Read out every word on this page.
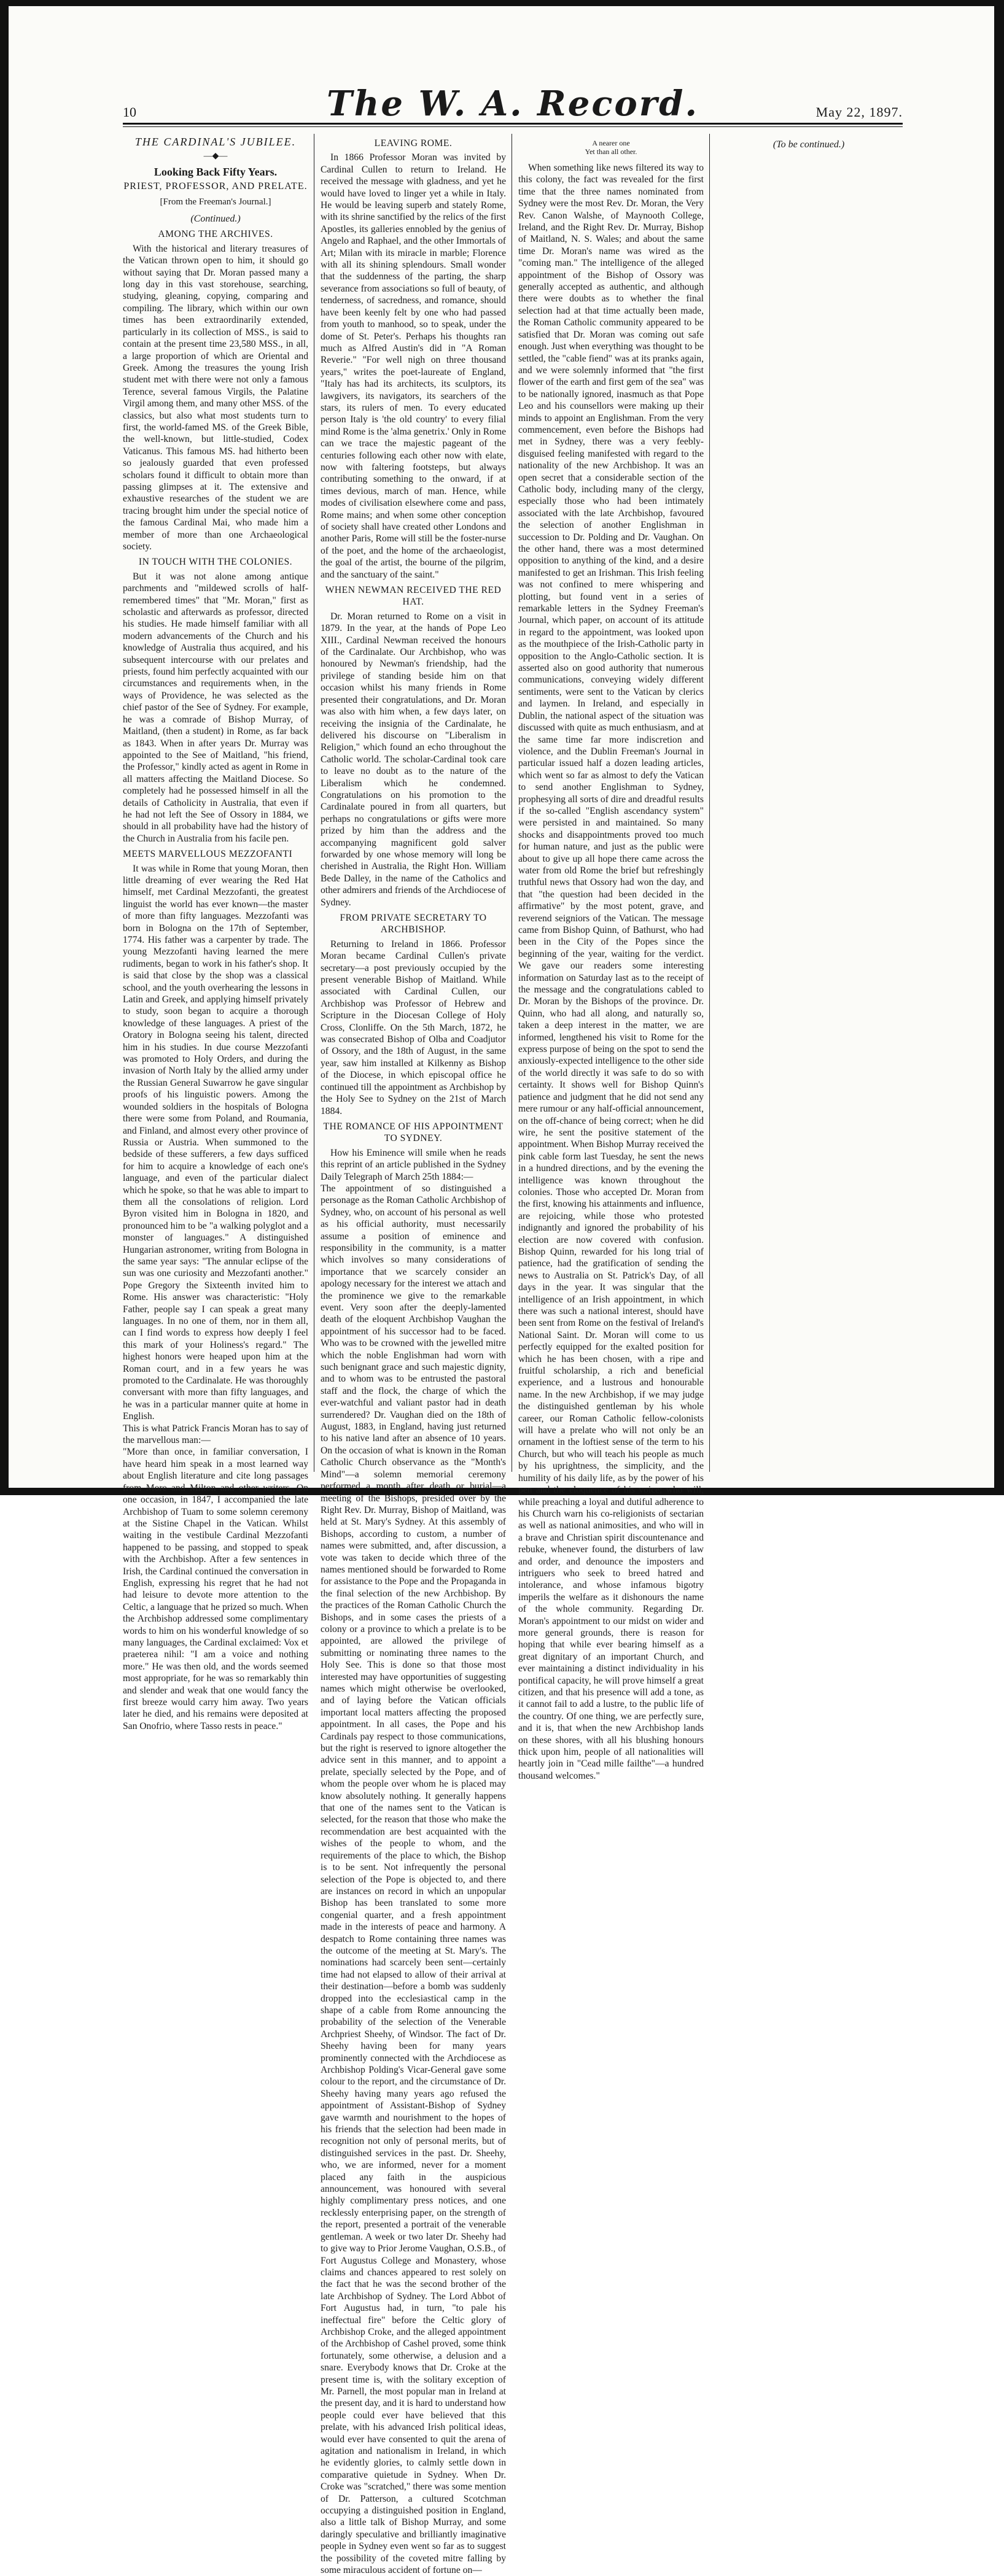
10	The W. A. Record.	May 22, 1897.
THE CARDINAL'S JUBILEE.
—◆—
Looking Back Fifty Years.
PRIEST, PROFESSOR, AND PRELATE.
[From the Freeman's Journal.]
(Continued.)
AMONG THE ARCHIVES.

With the historical and literary treasures of the Vatican thrown open to him, it should go without saying that Dr. Moran passed many a long day in this vast storehouse, searching, studying, gleaning, copying, comparing and compiling. The library, which within our own times has been extraordinarily extended, particularly in its collection of MSS., is said to contain at the present time 23,580 MSS., in all, a large proportion of which are Oriental and Greek. Among the treasures the young Irish student met with there were not only a famous Terence, several famous Virgils, the Palatine Virgil among them, and many other MSS. of the classics, but also what most students turn to first, the world-famed MS. of the Greek Bible, the well-known, but little-studied, Codex Vaticanus. This famous MS. had hitherto been so jealously guarded that even professed scholars found it difficult to obtain more than passing glimpses at it. The extensive and exhaustive researches of the student we are tracing brought him under the special notice of the famous Cardinal Mai, who made him a member of more than one Archaeological society.

IN TOUCH WITH THE COLONIES.

But it was not alone among antique parchments and "mildewed scrolls of half-remembered times" that "Mr. Moran," first as scholastic and afterwards as professor, directed his studies. He made himself familiar with all modern advancements of the Church and his knowledge of Australia thus acquired, and his subsequent intercourse with our prelates and priests, found him perfectly acquainted with our circumstances and requirements when, in the ways of Providence, he was selected as the chief pastor of the See of Sydney. For example, he was a comrade of Bishop Murray, of Maitland, (then a student) in Rome, as far back as 1843. When in after years Dr. Murray was appointed to the See of Maitland, "his friend, the Professor," kindly acted as agent in Rome in all matters affecting the Maitland Diocese. So completely had he possessed himself in all the details of Catholicity in Australia, that even if he had not left the See of Ossory in 1884, we should in all probability have had the history of the Church in Australia from his facile pen.

MEETS MARVELLOUS MEZZOFANTI

It was while in Rome that young Moran, then little dreaming of ever wearing the Red Hat himself, met Cardinal Mezzofanti, the greatest linguist the world has ever known—the master of more than fifty languages. Mezzofanti was born in Bologna on the 17th of September, 1774. His father was a carpenter by trade. The young Mezzofanti having learned the mere rudiments, began to work in his father's shop. It is said that close by the shop was a classical school, and the youth overhearing the lessons in Latin and Greek, and applying himself privately to study, soon began to acquire a thorough knowledge of these languages. A priest of the Oratory in Bologna seeing his talent, directed him in his studies. In due course Mezzofanti was promoted to Holy Orders, and during the invasion of North Italy by the allied army under the Russian General Suwarrow he gave singular proofs of his linguistic powers. Among the wounded soldiers in the hospitals of Bologna there were some from Poland, and Roumania, and Finland, and almost every other province of Russia or Austria. When summoned to the bedside of these sufferers, a few days sufficed for him to acquire a knowledge of each one's language, and even of the particular dialect which he spoke, so that he was able to impart to them all the consolations of religion. Lord Byron visited him in Bologna in 1820, and pronounced him to be "a walking polyglot and a monster of languages." A distinguished Hungarian astronomer, writing from Bologna in the same year says: "The annular eclipse of the sun was one curiosity and Mezzofanti another." Pope Gregory the Sixteenth invited him to Rome. His answer was characteristic: "Holy Father, people say I can speak a great many languages. In no one of them, nor in them all, can I find words to express how deeply I feel this mark of your Holiness's regard." The highest honors were heaped upon him at the Roman court, and in a few years he was promoted to the Cardinalate. He was thoroughly conversant with more than fifty languages, and he was in a particular manner quite at home in English.
This is what Patrick Francis Moran has to say of the marvellous man:—
"More than once, in familiar conversation, I have heard him speak in a most learned way about English literature and cite long passages from More and Milton and other writers. On one occasion, in 1847, I accompanied the late Archbishop of Tuam to some solemn ceremony at the Sistine Chapel in the Vatican. Whilst waiting in the vestibule Cardinal Mezzofanti happened to be passing, and stopped to speak with the Archbishop. After a few sentences in Irish, the Cardinal continued the conversation in English, expressing his regret that he had not had leisure to devote more attention to the Celtic, a language that he prized so much. When the Archbishop addressed some complimentary words to him on his wonderful knowledge of so many languages, the Cardinal exclaimed: Vox et praeterea nihil: "I am a voice and nothing more." He was then old, and the words seemed most appropriate, for he was so remarkably thin and slender and weak that one would fancy the first breeze would carry him away. Two years later he died, and his remains were deposited at San Onofrio, where Tasso rests in peace."

LEAVING ROME.

In 1866 Professor Moran was invited by Cardinal Cullen to return to Ireland. He received the message with gladness, and yet he would have loved to linger yet a while in Italy. He would be leaving superb and stately Rome, with its shrine sanctified by the relics of the first Apostles, its galleries ennobled by the genius of Angelo and Raphael, and the other Immortals of Art; Milan with its miracle in marble; Florence with all its shining splendours. Small wonder that the suddenness of the parting, the sharp severance from associations so full of beauty, of tenderness, of sacredness, and romance, should have been keenly felt by one who had passed from youth to manhood, so to speak, under the dome of St. Peter's. Perhaps his thoughts ran much as Alfred Austin's did in "A Roman Reverie." "For well nigh on three thousand years," writes the poet-laureate of England, "Italy has had its architects, its sculptors, its lawgivers, its navigators, its searchers of the stars, its rulers of men. To every educated person Italy is 'the old country' to every filial mind Rome is the 'alma genetrix.' Only in Rome can we trace the majestic pageant of the centuries following each other now with elate, now with faltering footsteps, but always contributing something to the onward, if at times devious, march of man. Hence, while modes of civilisation elsewhere come and pass, Rome mains; and when some other conception of society shall have created other Londons and another Paris, Rome will still be the foster-nurse of the poet, and the home of the archaeologist, the goal of the artist, the bourne of the pilgrim, and the sanctuary of the saint."

WHEN NEWMAN RECEIVED THE RED HAT.

Dr. Moran returned to Rome on a visit in 1879. In the year, at the hands of Pope Leo XIII., Cardinal Newman received the honours of the Cardinalate. Our Archbishop, who was honoured by Newman's friendship, had the privilege of standing beside him on that occasion whilst his many friends in Rome presented their congratulations, and Dr. Moran was also with him when, a few days later, on receiving the insignia of the Cardinalate, he delivered his discourse on "Liberalism in Religion," which found an echo throughout the Catholic world. The scholar-Cardinal took care to leave no doubt as to the nature of the Liberalism which he condemned. Congratulations on his promotion to the Cardinalate poured in from all quarters, but perhaps no congratulations or gifts were more prized by him than the address and the accompanying magnificent gold salver forwarded by one whose memory will long be cherished in Australia, the Right Hon. William Bede Dalley, in the name of the Catholics and other admirers and friends of the Archdiocese of Sydney.

FROM PRIVATE SECRETARY TO ARCHBISHOP.

Returning to Ireland in 1866. Professor Moran became Cardinal Cullen's private secretary—a post previously occupied by the present venerable Bishop of Maitland. While associated with Cardinal Cullen, our Archbishop was Professor of Hebrew and Scripture in the Diocesan College of Holy Cross, Clonliffe. On the 5th March, 1872, he was consecrated Bishop of Olba and Coadjutor of Ossory, and the 18th of August, in the same year, saw him installed at Kilkenny as Bishop of the Diocese, in which episcopal office he continued till the appointment as Archbishop by the Holy See to Sydney on the 21st of March 1884.

THE ROMANCE OF HIS APPOINTMENT TO SYDNEY.

How his Eminence will smile when he reads this reprint of an article published in the Sydney Daily Telegraph of March 25th 1884:—
The appointment of so distinguished a personage as the Roman Catholic Archbishop of Sydney, who, on account of his personal as well as his official authority, must necessarily assume a position of eminence and responsibility in the community, is a matter which involves so many considerations of importance that we scarcely consider an apology necessary for the interest we attach and the prominence we give to the remarkable event. Very soon after the deeply-lamented death of the eloquent Archbishop Vaughan the appointment of his successor had to be faced. Who was to be crowned with the jewelled mitre which the noble Englishman had worn with such benignant grace and such majestic dignity, and to whom was to be entrusted the pastoral staff and the flock, the charge of which the ever-watchful and valiant pastor had in death surrendered? Dr. Vaughan died on the 18th of August, 1883, in England, having just returned to his native land after an absence of 10 years. On the occasion of what is known in the Roman Catholic Church observance as the "Month's Mind"—a solemn memorial ceremony performed a month after death or burial—a meeting of the Bishops, presided over by the Right Rev. Dr. Murray, Bishop of Maitland, was held at St. Mary's Sydney. At this assembly of Bishops, according to custom, a number of names were submitted, and, after discussion, a vote was taken to decide which three of the names mentioned should be forwarded to Rome for assistance to the Pope and the Propaganda in the final selection of the new Archbishop. By the practices of the Roman Catholic Church the Bishops, and in some cases the priests of a colony or a province to which a prelate is to be appointed, are allowed the privilege of submitting or nominating three names to the Holy See. This is done so that those most interested may have opportunities of suggesting names which might otherwise be overlooked, and of laying before the Vatican officials important local matters affecting the proposed appointment. In all cases, the Pope and his Cardinals pay respect to those communications, but the right is reserved to ignore altogether the advice sent in this manner, and to appoint a prelate, specially selected by the Pope, and of whom the people over whom he is placed may know absolutely nothing. It generally happens that one of the names sent to the Vatican is selected, for the reason that those who make the recommendation are best acquainted with the wishes of the people to whom, and the requirements of the place to which, the Bishop is to be sent. Not infrequently the personal selection of the Pope is objected to, and there are instances on record in which an unpopular Bishop has been translated to some more congenial quarter, and a fresh appointment made in the interests of peace and harmony. A despatch to Rome containing three names was the outcome of the meeting at St. Mary's. The nominations had scarcely been sent—certainly time had not elapsed to allow of their arrival at their destination—before a bomb was suddenly dropped into the ecclesiastical camp in the shape of a cable from Rome announcing the probability of the selection of the Venerable Archpriest Sheehy, of Windsor. The fact of Dr. Sheehy having been for many years prominently connected with the Archdiocese as Archbishop Polding's Vicar-General gave some colour to the report, and the circumstance of Dr. Sheehy having many years ago refused the appointment of Assistant-Bishop of Sydney gave warmth and nourishment to the hopes of his friends that the selection had been made in recognition not only of personal merits, but of distinguished services in the past. Dr. Sheehy, who, we are informed, never for a moment placed any faith in the auspicious announcement, was honoured with several highly complimentary press notices, and one recklessly enterprising paper, on the strength of the report, presented a portrait of the venerable gentleman. A week or two later Dr. Sheehy had to give way to Prior Jerome Vaughan, O.S.B., of Fort Augustus College and Monastery, whose claims and chances appeared to rest solely on the fact that he was the second brother of the late Archbishop of Sydney. The Lord Abbot of Fort Augustus had, in turn, "to pale his ineffectual fire" before the Celtic glory of Archbishop Croke, and the alleged appointment of the Archbishop of Cashel proved, some think fortunately, some otherwise, a delusion and a snare. Everybody knows that Dr. Croke at the present time is, with the solitary exception of Mr. Parnell, the most popular man in Ireland at the present day, and it is hard to understand how people could ever have believed that this prelate, with his advanced Irish political ideas, would ever have consented to quit the arena of agitation and nationalism in Ireland, in which he evidently glories, to calmly settle down in comparative quietude in Sydney. When Dr. Croke was "scratched," there was some mention of Dr. Patterson, a cultured Scotchman occupying a distinguished position in England, also a little talk of Bishop Murray, and some daringly speculative and brilliantly imaginative people in Sydney even went so far as to suggest the possibility of the coveted mitre falling by some miraculous accident of fortune on—

A nearer one
Yet than all other.

When something like news filtered its way to this colony, the fact was revealed for the first time that the three names nominated from Sydney were the most Rev. Dr. Moran, the Very Rev. Canon Walshe, of Maynooth College, Ireland, and the Right Rev. Dr. Murray, Bishop of Maitland, N. S. Wales; and about the same time Dr. Moran's name was wired as the "coming man." The intelligence of the alleged appointment of the Bishop of Ossory was generally accepted as authentic, and although there were doubts as to whether the final selection had at that time actually been made, the Roman Catholic community appeared to be satisfied that Dr. Moran was coming out safe enough. Just when everything was thought to be settled, the "cable fiend" was at its pranks again, and we were solemnly informed that "the first flower of the earth and first gem of the sea" was to be nationally ignored, inasmuch as that Pope Leo and his counsellors were making up their minds to appoint an Englishman. From the very commencement, even before the Bishops had met in Sydney, there was a very feebly-disguised feeling manifested with regard to the nationality of the new Archbishop. It was an open secret that a considerable section of the Catholic body, including many of the clergy, especially those who had been intimately associated with the late Archbishop, favoured the selection of another Englishman in succession to Dr. Polding and Dr. Vaughan. On the other hand, there was a most determined opposition to anything of the kind, and a desire manifested to get an Irishman. This Irish feeling was not confined to mere whispering and plotting, but found vent in a series of remarkable letters in the Sydney Freeman's Journal, which paper, on account of its attitude in regard to the appointment, was looked upon as the mouthpiece of the Irish-Catholic party in opposition to the Anglo-Catholic section. It is asserted also on good authority that numerous communications, conveying widely different sentiments, were sent to the Vatican by clerics and laymen. In Ireland, and especially in Dublin, the national aspect of the situation was discussed with quite as much enthusiasm, and at the same time far more indiscretion and violence, and the Dublin Freeman's Journal in particular issued half a dozen leading articles, which went so far as almost to defy the Vatican to send another Englishman to Sydney, prophesying all sorts of dire and dreadful results if the so-called "English ascendancy system" were persisted in and maintained. So many shocks and disappointments proved too much for human nature, and just as the public were about to give up all hope there came across the water from old Rome the brief but refreshingly truthful news that Ossory had won the day, and that "the question had been decided in the affirmative" by the most potent, grave, and reverend seigniors of the Vatican. The message came from Bishop Quinn, of Bathurst, who had been in the City of the Popes since the beginning of the year, waiting for the verdict. We gave our readers some interesting information on Saturday last as to the receipt of the message and the congratulations cabled to Dr. Moran by the Bishops of the province. Dr. Quinn, who had all along, and naturally so, taken a deep interest in the matter, we are informed, lengthened his visit to Rome for the express purpose of being on the spot to send the anxiously-expected intelligence to the other side of the world directly it was safe to do so with certainty. It shows well for Bishop Quinn's patience and judgment that he did not send any mere rumour or any half-official announcement, on the off-chance of being correct; when he did wire, he sent the positive statement of the appointment. When Bishop Murray received the pink cable form last Tuesday, he sent the news in a hundred directions, and by the evening the intelligence was known throughout the colonies. Those who accepted Dr. Moran from the first, knowing his attainments and influence, are rejoicing, while those who protested indignantly and ignored the probability of his election are now covered with confusion. Bishop Quinn, rewarded for his long trial of patience, had the gratification of sending the news to Australia on St. Patrick's Day, of all days in the year. It was singular that the intelligence of an Irish appointment, in which there was such a national interest, should have been sent from Rome on the festival of Ireland's National Saint. Dr. Moran will come to us perfectly equipped for the exalted position for which he has been chosen, with a ripe and fruitful scholarship, a rich and beneficial experience, and a lustrous and honourable name. In the new Archbishop, if we may judge the distinguished gentleman by his whole career, our Roman Catholic fellow-colonists will have a prelate who will not only be an ornament in the loftiest sense of the term to his Church, but who will teach his people as much by his uprightness, the simplicity, and the humility of his daily life, as by the power of his pen and the eloquence of his voice; who will, while preaching a loyal and dutiful adherence to his Church warn his co-religionists of sectarian as well as national animosities, and who will in a brave and Christian spirit discountenance and rebuke, whenever found, the disturbers of law and order, and denounce the imposters and intriguers who seek to breed hatred and intolerance, and whose infamous bigotry imperils the welfare as it dishonours the name of the whole community. Regarding Dr. Moran's appointment to our midst on wider and more general grounds, there is reason for hoping that while ever bearing himself as a great dignitary of an important Church, and ever maintaining a distinct individuality in his pontifical capacity, he will prove himself a great citizen, and that his presence will add a tone, as it cannot fail to add a lustre, to the public life of the country. Of one thing, we are perfectly sure, and it is, that when the new Archbishop lands on these shores, with all his blushing honours thick upon him, people of all nationalities will heartly join in "Cead mille failthe"—a hundred thousand welcomes."

(To be continued.)
